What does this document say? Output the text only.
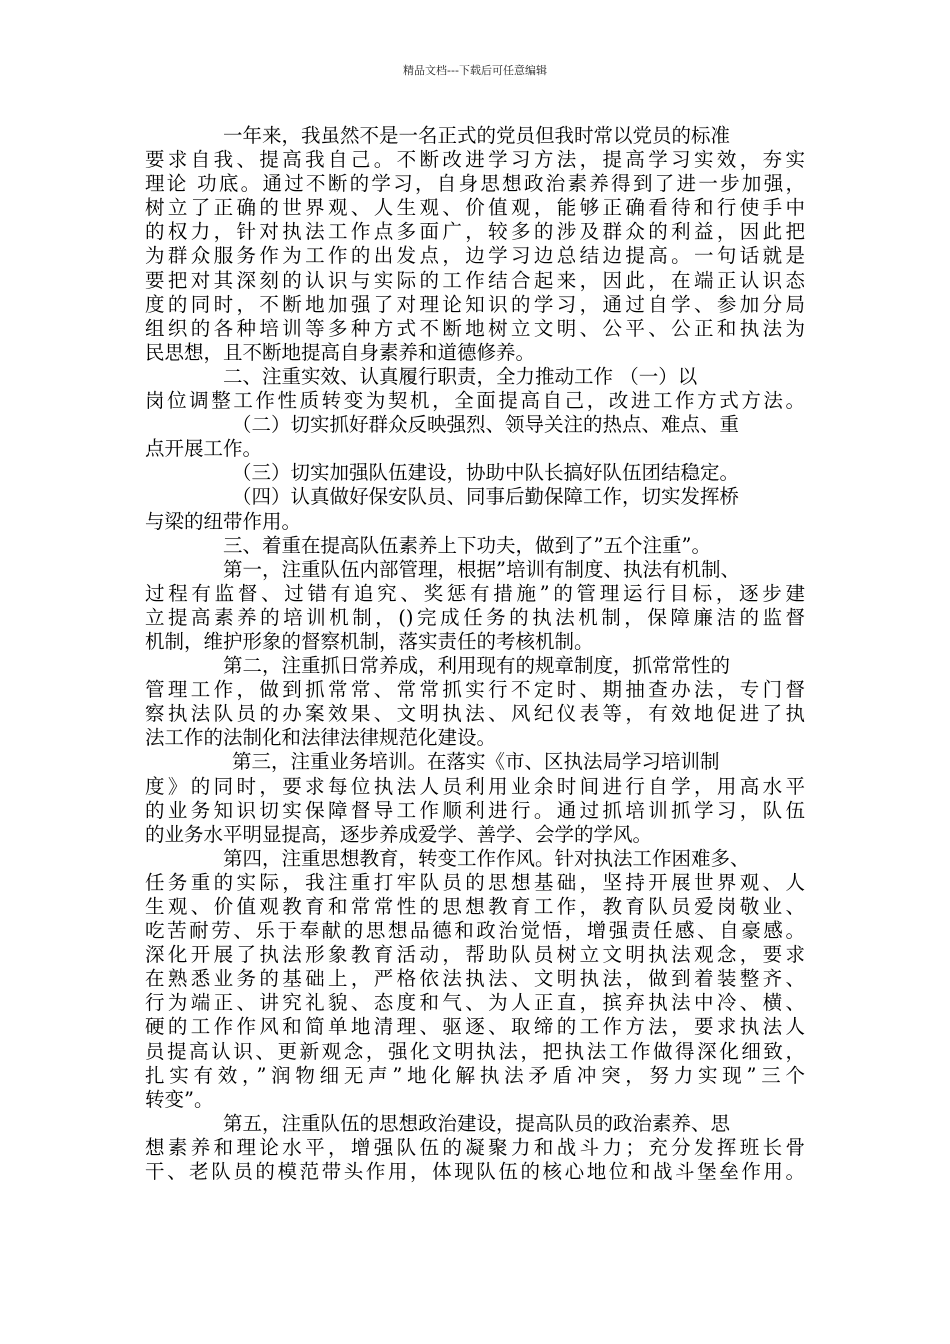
精品文档---下载后可任意编辑
一年来，我虽然不是一名正式的党员但我时常以党员的标准
要求自我、提高我自己。不断改进学习方法，提高学习实效，夯实
理论 功底。通过不断的学习，自身思想政治素养得到了进一步加强，
树立了正确的世界观、人生观、价值观，能够正确看待和行使手中
的权力，针对执法工作点多面广，较多的涉及群众的利益，因此把
为群众服务作为工作的出发点，边学习边总结边提高。一句话就是
要把对其深刻的认识与实际的工作结合起来，因此，在端正认识态
度的同时，不断地加强了对理论知识的学习，通过自学、参加分局
组织的各种培训等多种方式不断地树立文明、公平、公正和执法为
民思想，且不断地提高自身素养和道德修养。
二、注重实效、认真履行职责，全力推动工作 （一）以
岗位调整工作性质转变为契机，全面提高自己，改进工作方式方法。
（二）切实抓好群众反映强烈、领导关注的热点、难点、重
点开展工作。
（三）切实加强队伍建设，协助中队长搞好队伍团结稳定。
（四）认真做好保安队员、同事后勤保障工作，切实发挥桥
与梁的纽带作用。
三、着重在提高队伍素养上下功夫，做到了”五个注重”。
第一，注重队伍内部管理，根据”培训有制度、执法有机制、
过程有监督、过错有追究、奖惩有措施”的管理运行目标，逐步建
立提高素养的培训机制，()完成任务的执法机制，保障廉洁的监督
机制，维护形象的督察机制，落实责任的考核机制。
第二，注重抓日常养成，利用现有的规章制度，抓常常性的
管理工作，做到抓常常、常常抓实行不定时、期抽查办法，专门督
察执法队员的办案效果、文明执法、风纪仪表等，有效地促进了执
法工作的法制化和法律法律规范化建设。
第三，注重业务培训。在落实《市、区执法局学习培训制
度》的同时，要求每位执法人员利用业余时间进行自学，用高水平
的业务知识切实保障督导工作顺利进行。通过抓培训抓学习，队伍
的业务水平明显提高，逐步养成爱学、善学、会学的学风。
第四，注重思想教育，转变工作作风。针对执法工作困难多、
任务重的实际，我注重打牢队员的思想基础，坚持开展世界观、人
生观、价值观教育和常常性的思想教育工作，教育队员爱岗敬业、
吃苦耐劳、乐于奉献的思想品德和政治觉悟，增强责任感、自豪感。
深化开展了执法形象教育活动，帮助队员树立文明执法观念，要求
在熟悉业务的基础上，严格依法执法、文明执法，做到着装整齐、
行为端正、讲究礼貌、态度和气、为人正直，摈弃执法中冷、横、
硬的工作作风和简单地清理、驱逐、取缔的工作方法，要求执法人
员提高认识、更新观念，强化文明执法，把执法工作做得深化细致，
扎实有效，”润物细无声”地化解执法矛盾冲突，努力实现”三个
转变”。
第五，注重队伍的思想政治建设，提高队员的政治素养、思
想素养和理论水平，增强队伍的凝聚力和战斗力；充分发挥班长骨
干、老队员的模范带头作用，体现队伍的核心地位和战斗堡垒作用。
